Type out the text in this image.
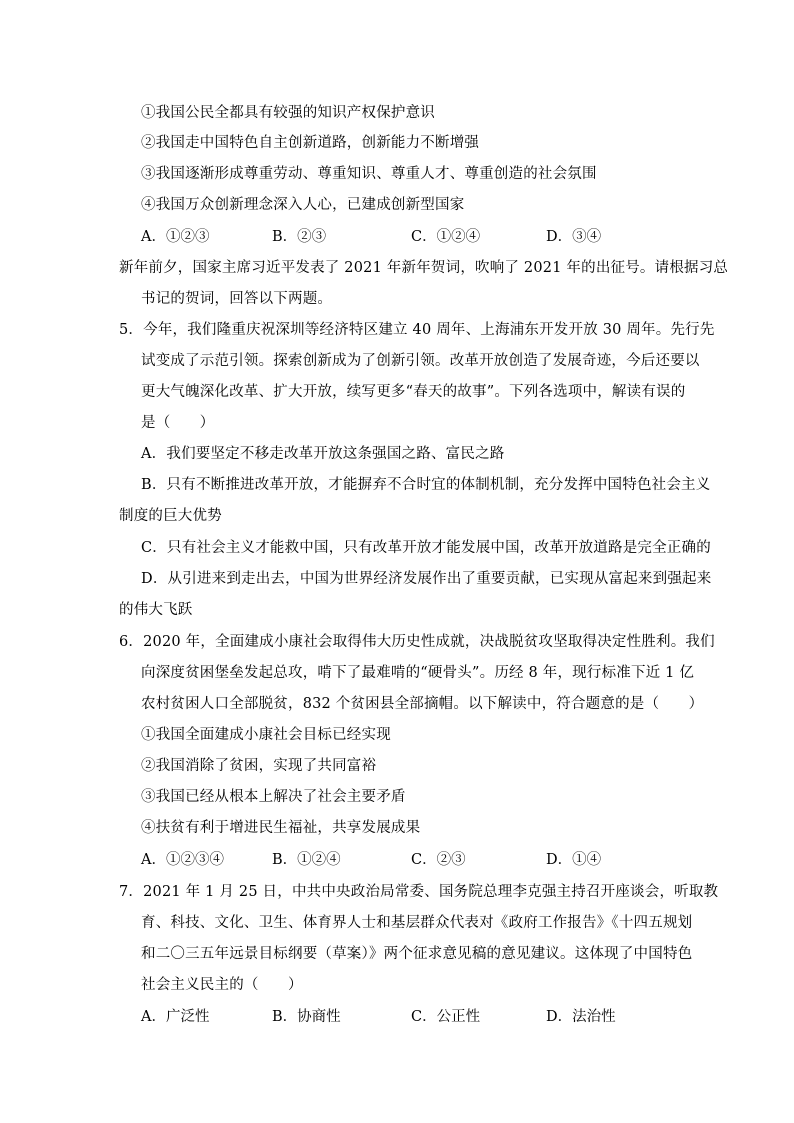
①我国公民全都具有较强的知识产权保护意识
②我国走中国特色自主创新道路，创新能力不断增强
③我国逐渐形成尊重劳动、尊重知识、尊重人才、尊重创造的社会氛围
④我国万众创新理念深入人心，已建成创新型国家
A．①②③	B．②③	C．①②④	D．③④
新年前夕，国家主席习近平发表了 2021 年新年贺词，吹响了 2021 年的出征号。请根据习总
书记的贺词，回答以下两题。
5．今年，我们隆重庆祝深圳等经济特区建立 40 周年、上海浦东开发开放 30 周年。先行先
试变成了示范引领。探索创新成为了创新引领。改革开放创造了发展奇迹，今后还要以
更大气魄深化改革、扩大开放，续写更多“春天的故事”。下列各选项中，解读有误的
是（　　）
A．我们要坚定不移走改革开放这条强国之路、富民之路
B．只有不断推进改革开放，才能摒弃不合时宜的体制机制，充分发挥中国特色社会主义
制度的巨大优势
C．只有社会主义才能救中国，只有改革开放才能发展中国，改革开放道路是完全正确的
D．从引进来到走出去，中国为世界经济发展作出了重要贡献，已实现从富起来到强起来
的伟大飞跃
6．2020 年，全面建成小康社会取得伟大历史性成就，决战脱贫攻坚取得决定性胜利。我们
向深度贫困堡垒发起总攻，啃下了最难啃的“硬骨头”。历经 8 年，现行标准下近 1 亿
农村贫困人口全部脱贫，832 个贫困县全部摘帽。以下解读中，符合题意的是（　　）
①我国全面建成小康社会目标已经实现
②我国消除了贫困，实现了共同富裕
③我国已经从根本上解决了社会主要矛盾
④扶贫有利于增进民生福祉，共享发展成果
A．①②③④	B．①②④	C．②③	D．①④
7．2021 年 1 月 25 日，中共中央政治局常委、国务院总理李克强主持召开座谈会，听取教
育、科技、文化、卫生、体育界人士和基层群众代表对《政府工作报告》《十四五规划
和二〇三五年远景目标纲要（草案）》两个征求意见稿的意见建议。这体现了中国特色
社会主义民主的（　　）
A．广泛性	B．协商性	C．公正性	D．法治性
